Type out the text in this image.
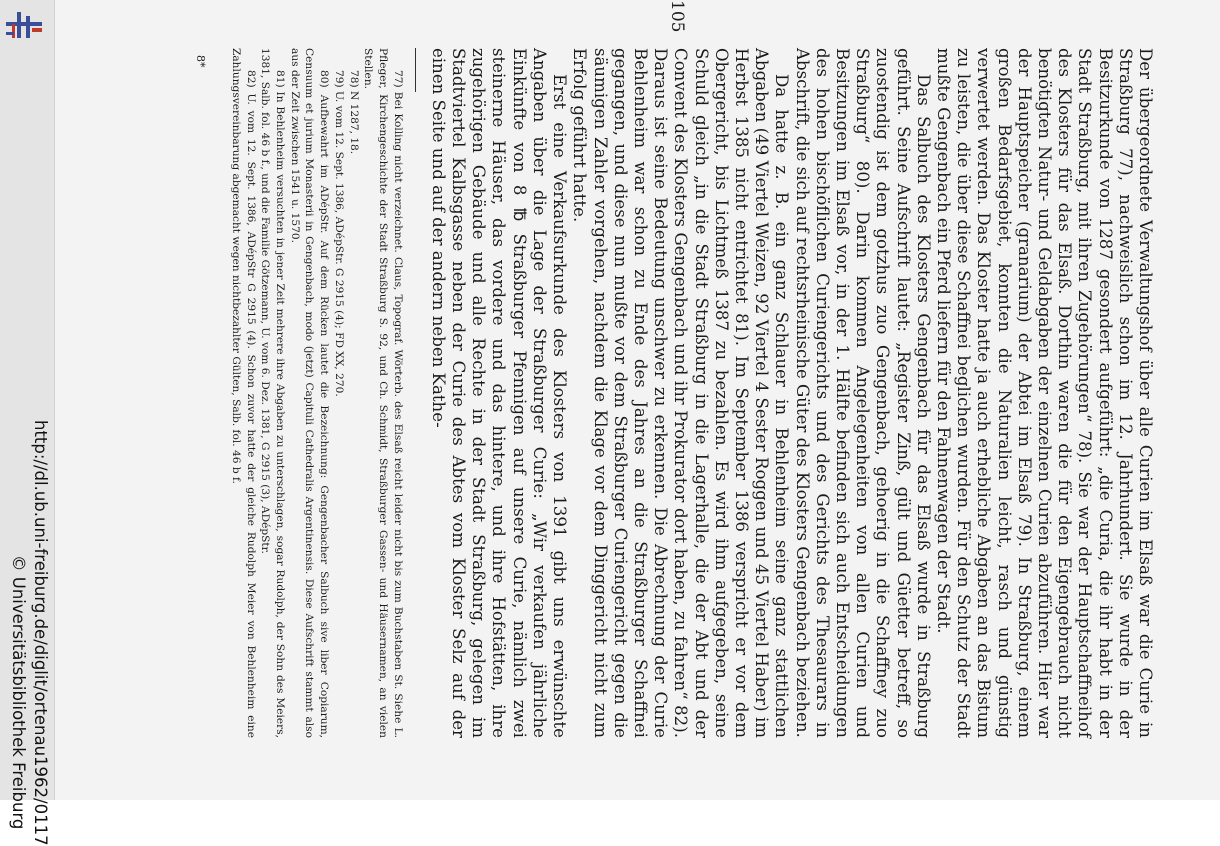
http://dl.ub.uni-freiburg.de/diglit/ortenau1962/0117
© Universitätsbibliothek Freiburg	Der übergeordnete Verwaltungshof über alle Curien im Elsaß war die Curie in Straßburg 77), nachweislich schon im 12. Jahrhundert. Sie wurde in der Besitzurkunde von 1287 gesondert aufgeführt: „die Curia, die ihr habt in der Stadt Straßburg, mit ihren Zugehörungen“ 78). Sie war der Hauptschaffneihof des Klosters für das Elsaß. Dorthin waren die für den Eigengebrauch nicht benötigten Natur- und Geldabgaben der einzelnen Curien abzuführen. Hier war der Hauptspeicher (granarium) der Abtei im Elsaß 79). In Straßburg, einem großen Bedarfsgebiet, konnten die Naturalien leicht, rasch und günstig verwertet werden. Das Kloster hatte ja auch erhebliche Abgaben an das Bistum zu leisten, die über diese Schaffnei beglichen wurden. Für den Schutz der Stadt mußte Gengenbach ein Pferd liefern für den Fahnenwagen der Stadt.

Das Salbuch des Klosters Gengenbach für das Elsaß wurde in Straßburg geführt. Seine Aufschrift lautet: „Register Zinß, gült und Güetter betreff, so zuostendig ist dem gotzhus zuo Gengenbach, gehoerig in die Schaffney zuo Straßburg“ 80). Darin kommen Angelegenheiten von allen Curien und Besitzungen im Elsaß vor, in der 1. Hälfte befinden sich auch Entscheidungen des hohen bischöflichen Curiengerichts und des Gerichts des Thesaurars in Abschrift, die sich auf rechtsrheinische Güter des Klosters Gengenbach beziehen.

Da hatte z. B. ein ganz Schlauer in Behlenheim seine ganz stattlichen Abgaben (49 Viertel Weizen, 92 Viertel 4 Sester Roggen und 45 Viertel Haber) im Herbst 1385 nicht entrichtet 81). Im September 1386 verspricht er vor dem Obergericht, bis Lichtmeß 1387 zu bezahlen. Es wird ihm aufgegeben, seine Schuld gleich „in die Stadt Straßburg in die Lagerhalle, die der Abt und der Convent des Klosters Gengenbach und ihr Prokurator dort haben, zu fahren“ 82). Daraus ist seine Bedeutung unschwer zu erkennen. Die Abrechnung der Curie Behlenheim war schon zu Ende des Jahres an die Straßburger Schaffnei gegangen, und diese nun mußte vor dem Straßburger Curiengericht gegen die säumigen Zahler vorgehen, nachdem die Klage vor dem Dinggericht nicht zum Erfolg geführt hatte.

Erst eine Verkaufsurkunde des Klosters von 1391 gibt uns erwünschte Angaben über die Lage der Straßburger Curie: „Wir verkaufen jährliche Einkünfte von 8 ℔ Straßburger Pfennigen auf unsere Curie, nämlich zwei steinerne Häuser, das vordere und das hintere, und ihre Hofstätten, ihre zugehörigen Gebäude und alle Rechte in der Stadt Straßburg, gelegen im Stadtviertel Kalbsgasse neben der Curie des Abtes vom Kloster Selz auf der einen Seite und auf der andern neben Kathe-

77) Bei Kolling nicht verzeichnet. Claus, Topograf. Wörterb. des Elsaß reicht leider nicht bis zum Buchstaben St. Siehe L. Pfleger, Kirchengeschichte der Stadt Straßburg S. 92, und Ch. Schmidt, Straßburger Gassen- und Häusernamen, an vielen Stellen.

78) N 1287, 18.

79) U. vom 12. Sept. 1386, ADépStr. G 2915 (4); FD XX, 270.

80) Aufbewahrt im ADépStr. Auf dem Rücken lautet die Bezeichnung: Gengenbacher Salbuch sive liber Copiarum, Censuum et jurium Monasterii in Gengenbach, modo (jetzt) Capituli Cathedralis Argentinensis. Diese Aufschrift stammt also aus der Zeit zwischen 1541 u. 1570.

81) In Behlenheim versuchten in jener Zeit mehrere ihre Abgaben zu unterschlagen, sogar Rudolph, der Sohn des Meiers, 1381, Salb. fol. 46 b f., und die Familie Götzemann, U. vom 6. Dez. 1381, G 2915 (3), ADépStr.

82) U. vom 12. Sept. 1386, ADépStr G 2915 (4). Schon zuvor hatte der gleiche Rudolph Meier von Behlenheim eine Zahlungsvereinbarung abgemacht wegen nichtbezahlter Gülten, Salb. fol. 46 b f.

105
8*
